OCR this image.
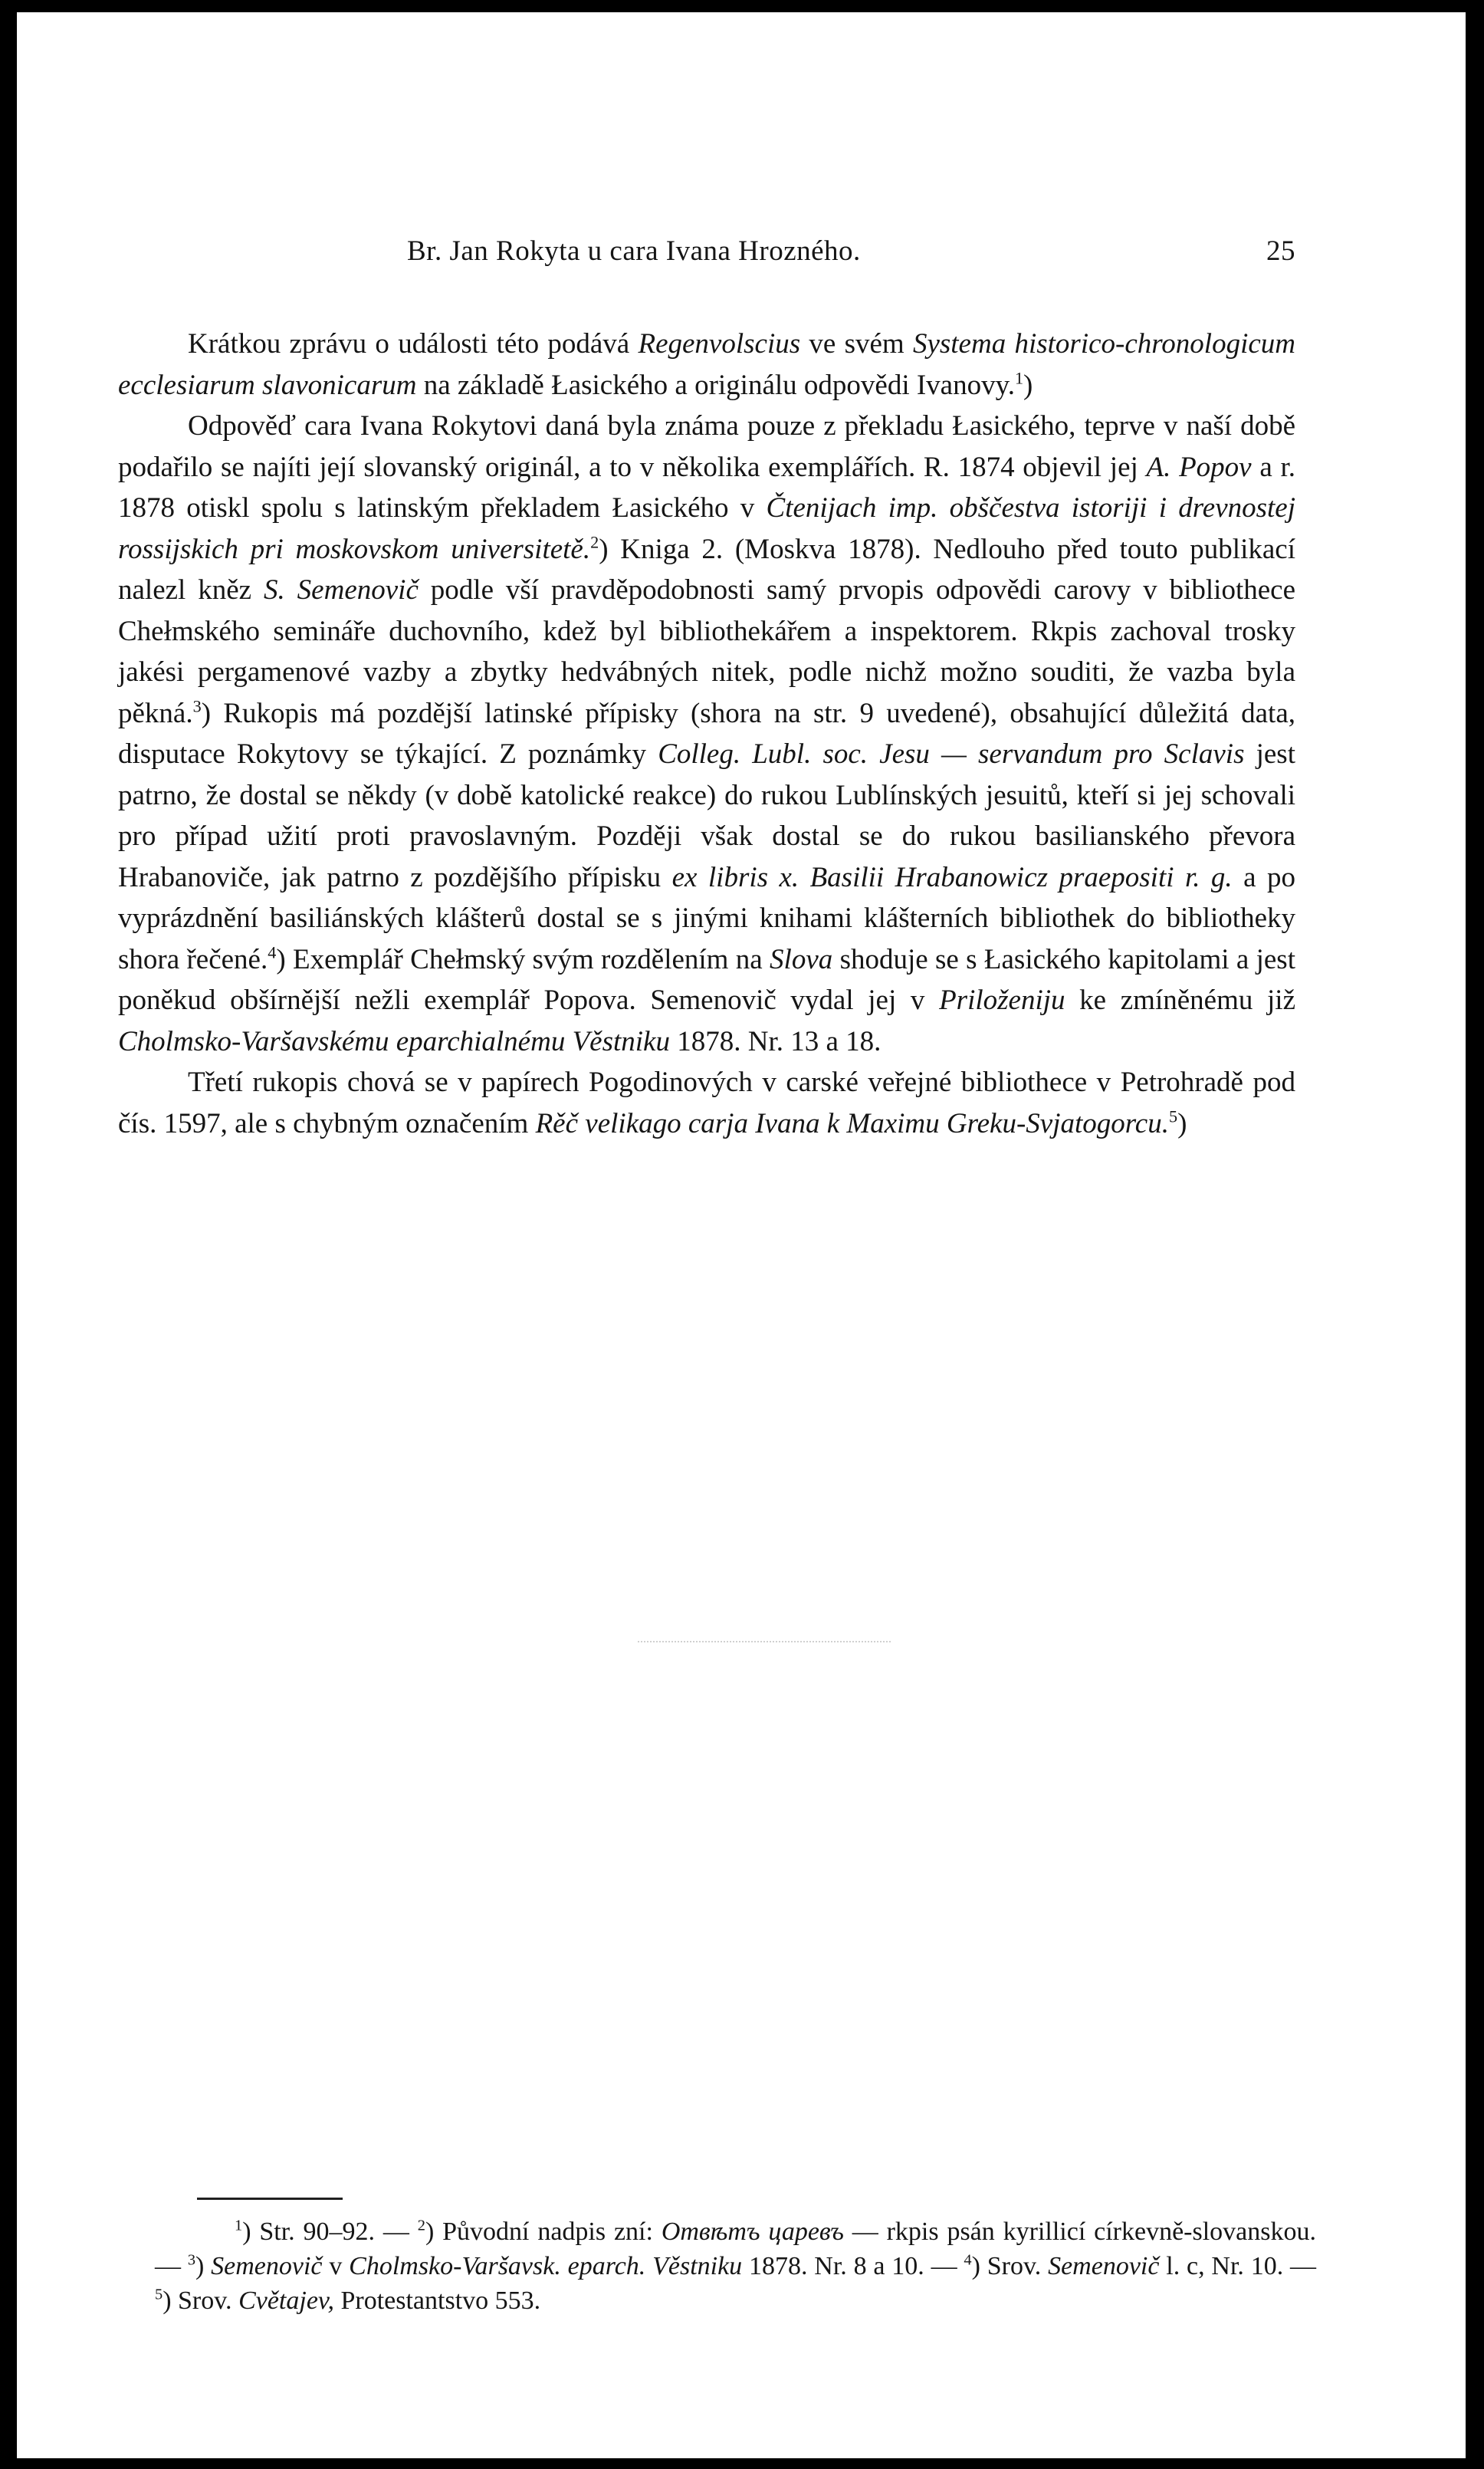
Br. Jan Rokyta u cara Ivana Hrozného.	25

Krátkou zprávu o události této podává Regenvolscius ve svém Systema historico-chronologicum ecclesiarum slavonicarum na základě Łasického a originálu odpovědi Ivanovy.$^1$)

Odpověď cara Ivana Rokytovi daná byla známa pouze z překladu Łasického, teprve v naší době podařilo se najíti její slovanský originál, a to v několika exemplářích. R. 1874 objevil jej A. Popov a r. 1878 otiskl spolu s latinským překladem Łasického v Čtenijach imp. obščestva istoriji i drevnostej rossijskich pri moskovskom universitetě.$^2$) Kniga 2. (Moskva 1878). Nedlouho před touto publikací nalezl kněz S. Semenovič podle vší pravděpodobnosti samý prvopis odpovědi carovy v bibliothece Chełmského semináře duchovního, kdež byl bibliothekářem a inspektorem. Rkpis zachoval trosky jakési pergamenové vazby a zbytky hedvábných nitek, podle nichž možno souditi, že vazba byla pěkná.$^3$) Rukopis má pozdější latinské přípisky (shora na str. 9 uvedené), obsahující důležitá data, disputace Rokytovy se týkající. Z poznámky Colleg. Lubl. soc. Jesu — servandum pro Sclavis jest patrno, že dostal se někdy (v době katolické reakce) do rukou Lublínských jesuitů, kteří si jej schovali pro případ užití proti pravoslavným. Později však dostal se do rukou basilianského převora Hrabanoviče, jak patrno z pozdějšího přípisku ex libris x. Basilii Hrabanowicz praepositi r. g. a po vyprázdnění basiliánských klášterů dostal se s jinými knihami klášterních bibliothek do bibliotheky shora řečené.$^4$) Exemplář Chełmský svým rozdělením na Slova shoduje se s Łasického kapitolami a jest poněkud obšírnější nežli exemplář Popova. Semenovič vydal jej v Priloženiju ke zmíněnému již Cholmsko-Varšavskému eparchialnému Věstniku 1878. Nr. 13 a 18.

Třetí rukopis chová se v papírech Pogodinových v carské veřejné bibliothece v Petrohradě pod čís. 1597, ale s chybným označením Rěč velikago carja Ivana k Maximu Greku-Svjatogorcu.$^5$)

$^1$) Str. 90–92. — $^2$) Původní nadpis zní: Отвѣтъ царевъ — rkpis psán kyrillicí církevně-slovanskou. — $^3$) Semenovič v Cholmsko-Varšavsk. eparch. Věstniku 1878. Nr. 8 a 10. — $^4$) Srov. Semenovič l. c, Nr. 10. — $^5$) Srov. Cvětajev, Protestantstvo 553.
